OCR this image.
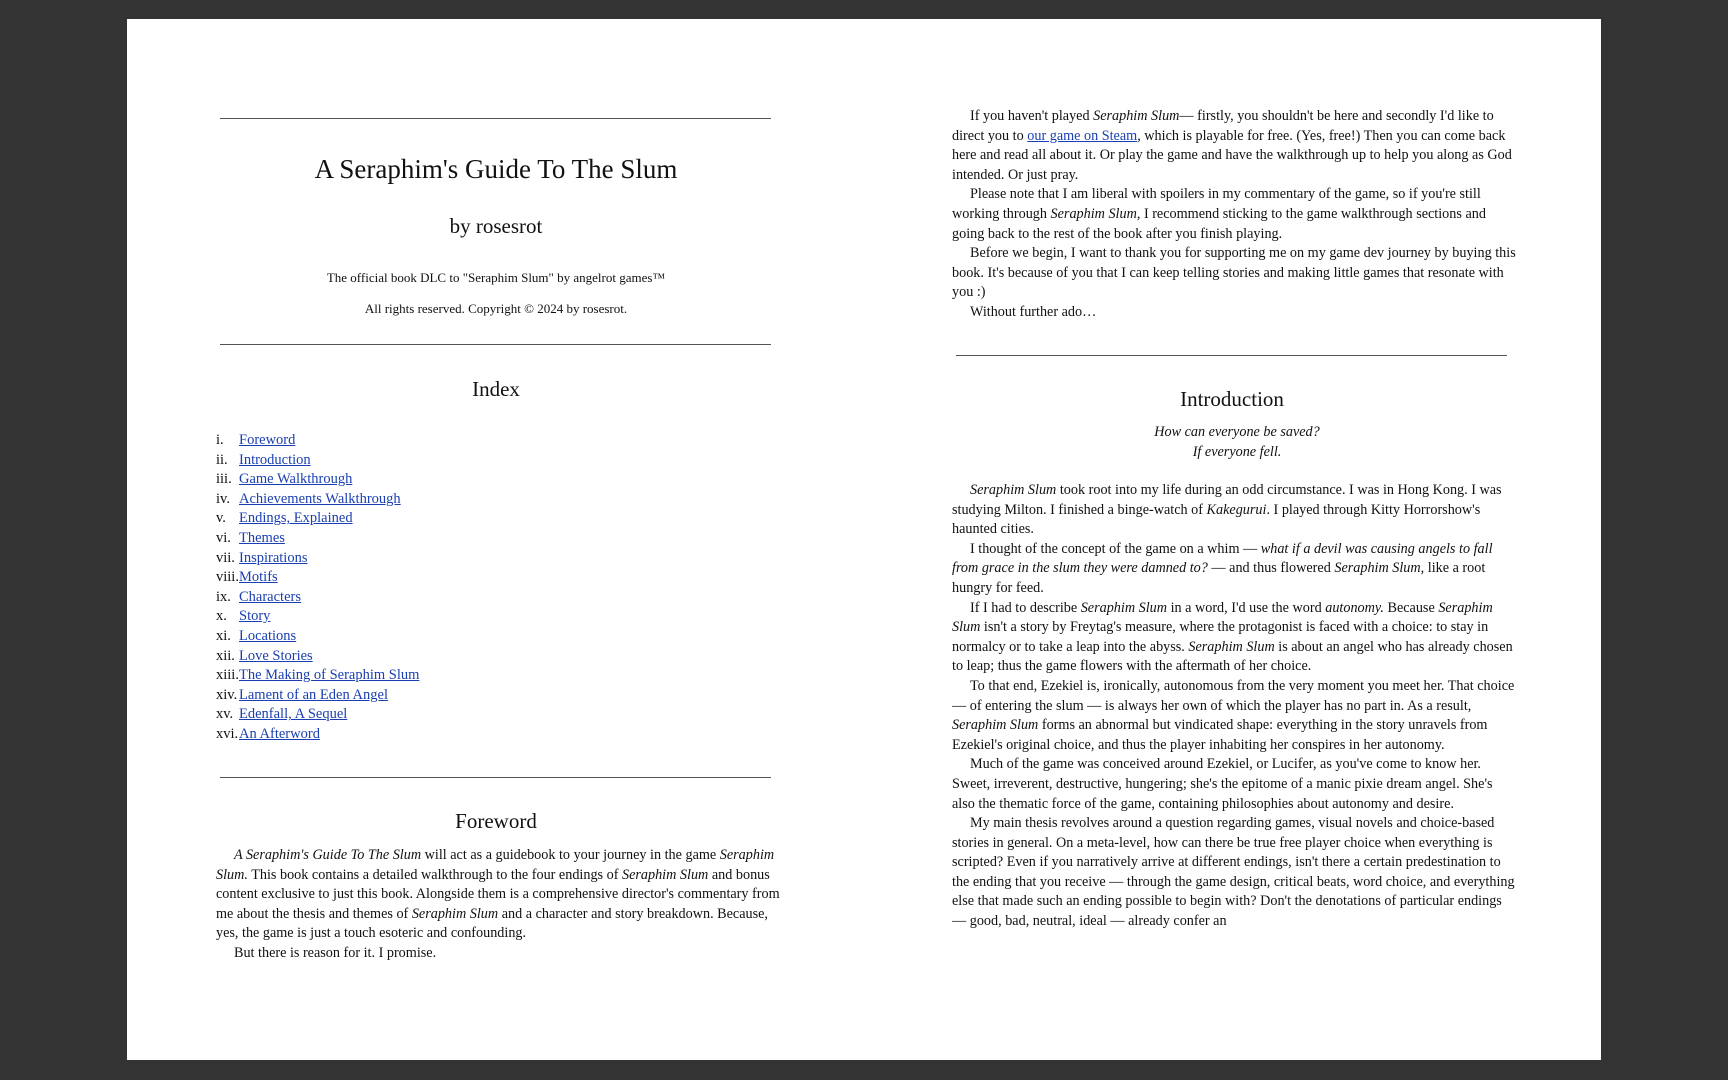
A Seraphim's Guide To The Slum
by rosesrot

The official book DLC to "Seraphim Slum" by angelrot games™

All rights reserved. Copyright © 2024 by rosesrot.

Index
i. Foreword
ii. Introduction
iii. Game Walkthrough
iv. Achievements Walkthrough
v. Endings, Explained
vi. Themes
vii. Inspirations
viii.Motifs
ix. Characters
x. Story
xi. Locations
xii. Love Stories
xiii.The Making of Seraphim Slum
xiv. Lament of an Eden Angel
xv. Edenfall, A Sequel
xvi.An Afterword
Foreword

A Seraphim's Guide To The Slum will act as a guidebook to your journey in the game Seraphim Slum. This book contains a detailed walkthrough to the four endings of Seraphim Slum and bonus content exclusive to just this book. Alongside them is a comprehensive director's commentary from me about the thesis and themes of Seraphim Slum and a character and story breakdown. Because, yes, the game is just a touch esoteric and confounding.

But there is reason for it. I promise.

If you haven't played Seraphim Slum— firstly, you shouldn't be here and secondly I'd like to direct you to our game on Steam, which is playable for free. (Yes, free!) Then you can come back here and read all about it. Or play the game and have the walkthrough up to help you along as God intended. Or just pray.

Please note that I am liberal with spoilers in my commentary of the game, so if you're still working through Seraphim Slum, I recommend sticking to the game walkthrough sections and going back to the rest of the book after you finish playing.

Before we begin, I want to thank you for supporting me on my game dev journey by buying this book. It's because of you that I can keep telling stories and making little games that resonate with you :)

Without further ado…

Introduction

How can everyone be saved?

If everyone fell.

Seraphim Slum took root into my life during an odd circumstance. I was in Hong Kong. I was studying Milton. I finished a binge-watch of Kakegurui. I played through Kitty Horrorshow's haunted cities.

I thought of the concept of the game on a whim — what if a devil was causing angels to fall from grace in the slum they were damned to? — and thus flowered Seraphim Slum, like a root hungry for feed.

If I had to describe Seraphim Slum in a word, I'd use the word autonomy. Because Seraphim Slum isn't a story by Freytag's measure, where the protagonist is faced with a choice: to stay in normalcy or to take a leap into the abyss. Seraphim Slum is about an angel who has already chosen to leap; thus the game flowers with the aftermath of her choice.

To that end, Ezekiel is, ironically, autonomous from the very moment you meet her. That choice — of entering the slum — is always her own of which the player has no part in. As a result, Seraphim Slum forms an abnormal but vindicated shape: everything in the story unravels from Ezekiel's original choice, and thus the player inhabiting her conspires in her autonomy.

Much of the game was conceived around Ezekiel, or Lucifer, as you've come to know her. Sweet, irreverent, destructive, hungering; she's the epitome of a manic pixie dream angel. She's also the thematic force of the game, containing philosophies about autonomy and desire.

My main thesis revolves around a question regarding games, visual novels and choice-based stories in general. On a meta-level, how can there be true free player choice when everything is scripted? Even if you narratively arrive at different endings, isn't there a certain predestination to the ending that you receive — through the game design, critical beats, word choice, and everything else that made such an ending possible to begin with? Don't the denotations of particular endings — good, bad, neutral, ideal — already confer an
